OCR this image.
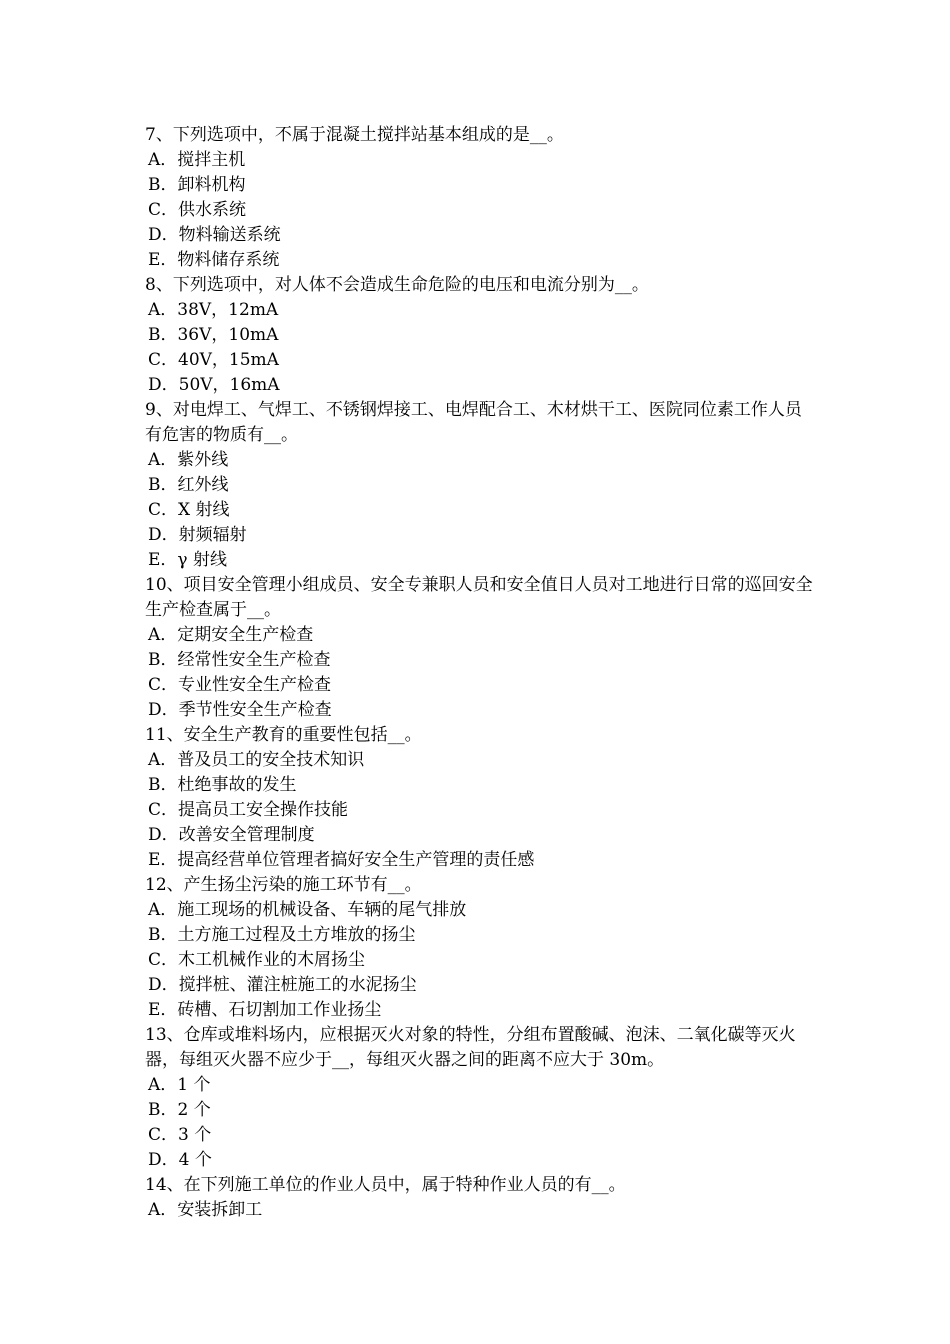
7、下列选项中，不属于混凝土搅拌站基本组成的是__。
A．搅拌主机
B．卸料机构
C．供水系统
D．物料输送系统
E．物料储存系统
8、下列选项中，对人体不会造成生命危险的电压和电流分别为__。
A．38V，12mA
B．36V，10mA
C．40V，15mA
D．50V，16mA
9、对电焊工、气焊工、不锈钢焊接工、电焊配合工、木材烘干工、医院同位素工作人员有危害的物质有__。
A．紫外线
B．红外线
C．X 射线
D．射频辐射
E．γ 射线
10、项目安全管理小组成员、安全专兼职人员和安全值日人员对工地进行日常的巡回安全生产检查属于__。
A．定期安全生产检查
B．经常性安全生产检查
C．专业性安全生产检查
D．季节性安全生产检查
11、安全生产教育的重要性包括__。
A．普及员工的安全技术知识
B．杜绝事故的发生
C．提高员工安全操作技能
D．改善安全管理制度
E．提高经营单位管理者搞好安全生产管理的责任感
12、产生扬尘污染的施工环节有__。
A．施工现场的机械设备、车辆的尾气排放
B．土方施工过程及土方堆放的扬尘
C．木工机械作业的木屑扬尘
D．搅拌桩、灌注桩施工的水泥扬尘
E．砖槽、石切割加工作业扬尘
13、仓库或堆料场内，应根据灭火对象的特性，分组布置酸碱、泡沫、二氧化碳等灭火器，每组灭火器不应少于__，每组灭火器之间的距离不应大于 30m。
A．1 个
B．2 个
C．3 个
D．4 个
14、在下列施工单位的作业人员中，属于特种作业人员的有__。
A．安装拆卸工
